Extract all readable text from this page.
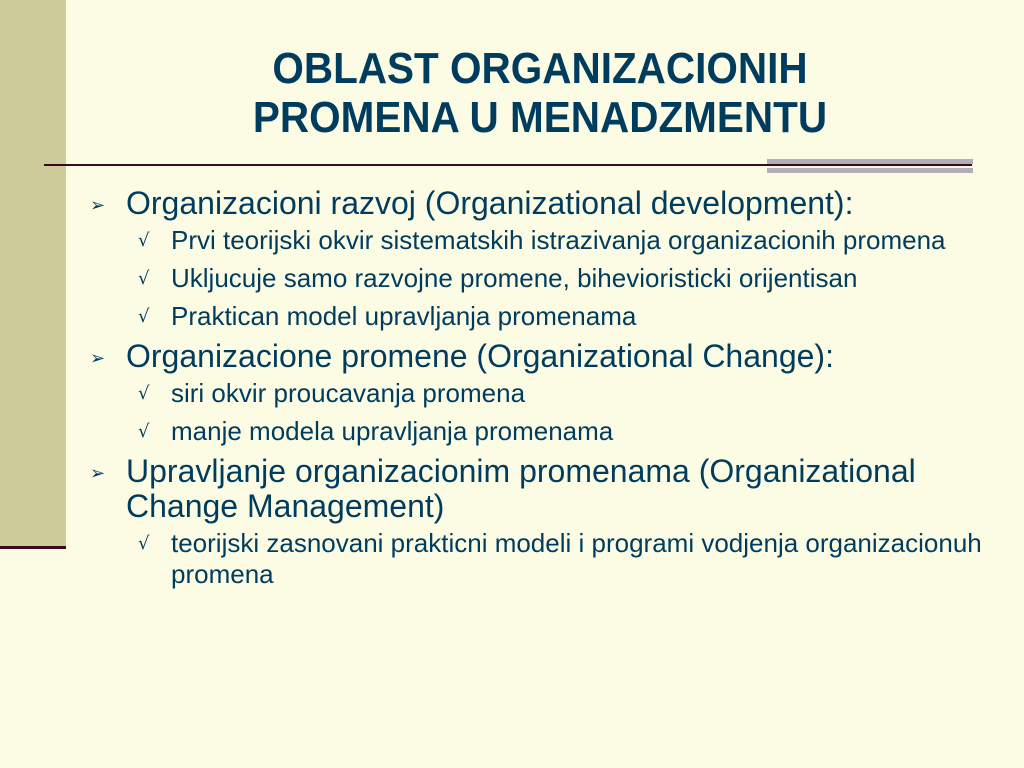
OBLAST ORGANIZACIONIH
PROMENA U MENADZMENTU
➢ Organizacioni razvoj (Organizational development):
√ Prvi teorijski okvir sistematskih istrazivanja organizacionih promena
√ Ukljucuje samo razvojne promene, bihevioristicki orijentisan
√ Praktican model upravljanja promenama
➢ Organizacione promene (Organizational Change):
√ siri okvir proucavanja promena
√ manje modela upravljanja promenama
➢ Upravljanje organizacionim promenama (Organizational Change Management)
√ teorijski zasnovani prakticni modeli i programi vodjenja organizacionuh promena
